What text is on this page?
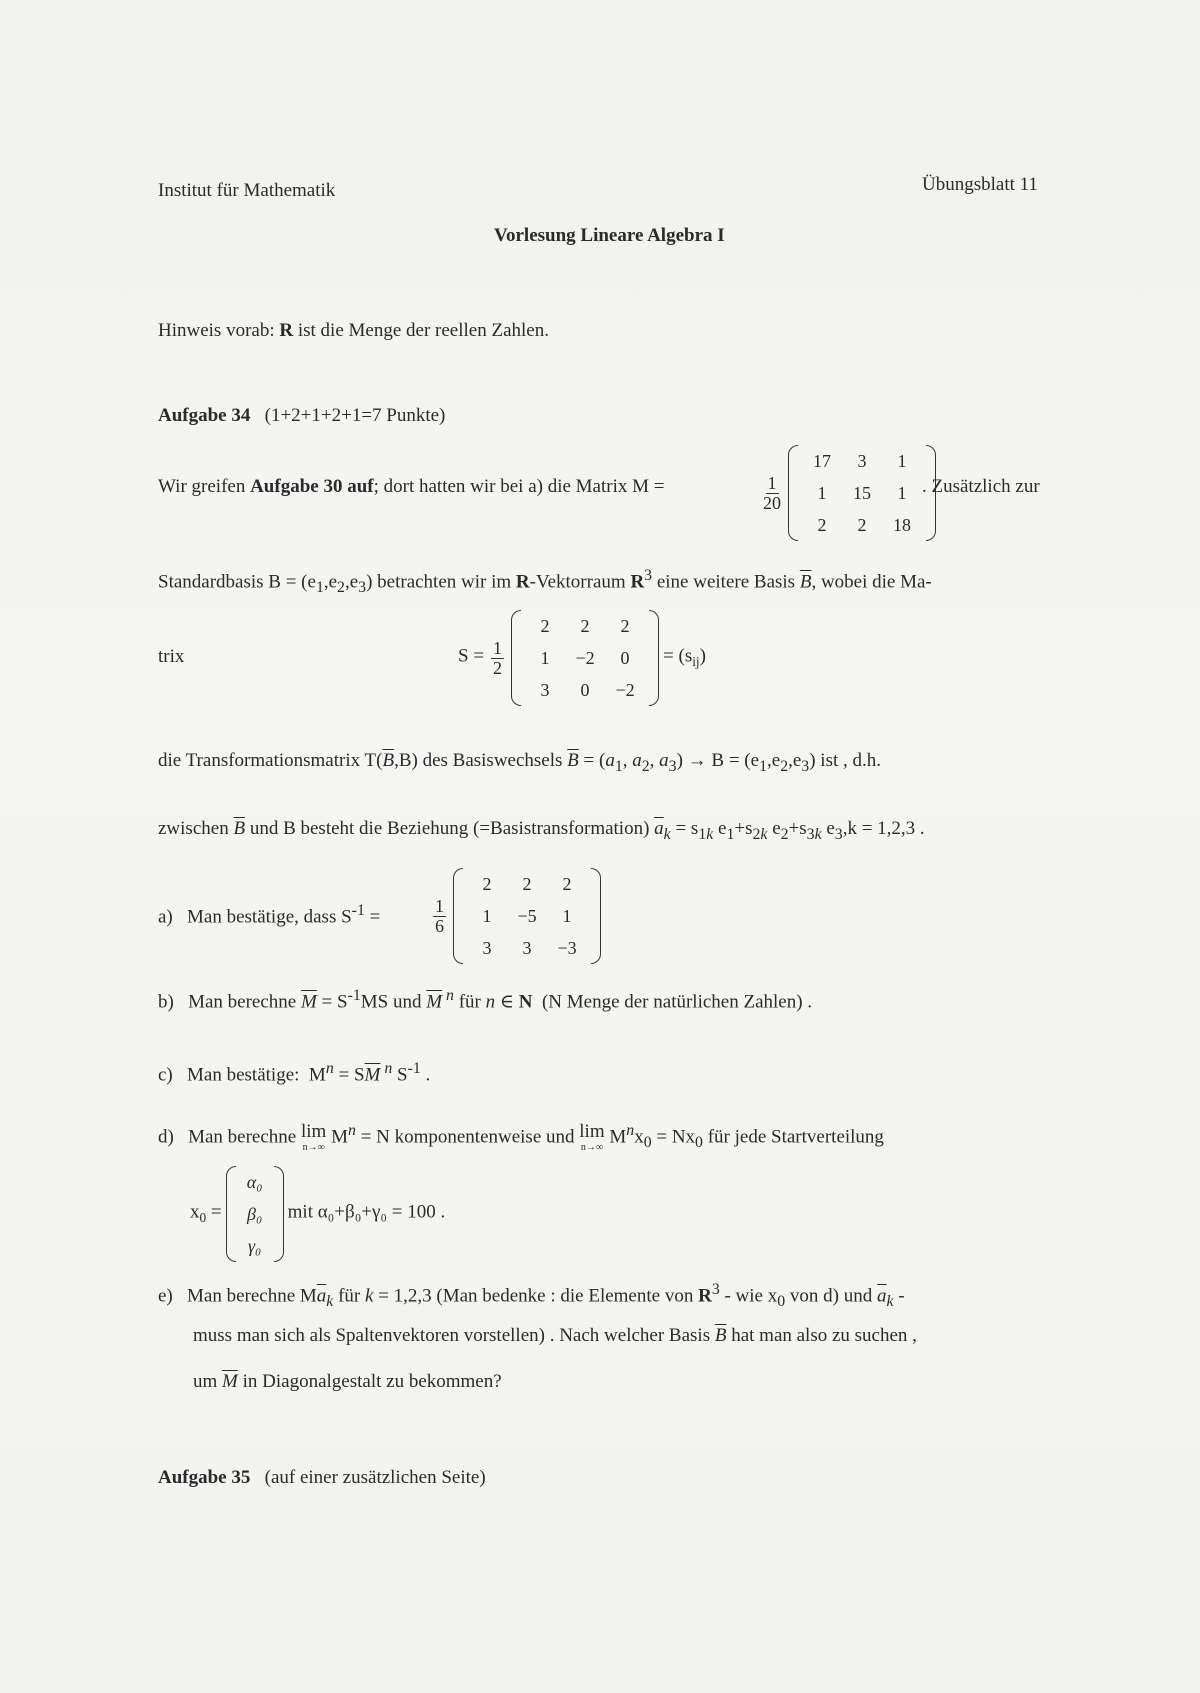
Institut für Mathematik	Übungsblatt 11
Vorlesung Lineare Algebra I
Hinweis vorab: R ist die Menge der reellen Zahlen.
Aufgabe 34 (1+2+1+2+1=7 Punkte)
Wir greifen Aufgabe 30 auf; dort hatten wir bei a) die Matrix M =	$\frac{1}{20}$

17	3	1
1	15	1
2	2	18
. Zusätzlich zur
Standardbasis $B = (e_1,e_2,e_3)$ betrachten wir im R-Vektorraum $R^3$ eine weitere Basis $\overline{B}$, wobei die Ma-
trix	$S = \frac{1}{2}$

2	2	2
1	−2	0
3	0	−2
= $(s_{ij})$
die Transformationsmatrix $T(\overline{B},B)$ des Basiswechsels $\overline{B} = (a_1$, $a_2$, $a_3) \to B = (e_1,e_2,e_3)$ ist , d.h.
zwischen $\overline{B}$ und B besteht die Beziehung (=Basistransformation) $\overline{a}_k = s_{1k}$ $e_1+s_{2k}$ $e_2+s_{3k}$ $e_3,k = 1,2,3$ .
a) Man bestätige, dass $S^{-1}$ =	$\frac{1}{6}$

2	2	2
1	−5	1
3	3	−3
b) Man berechne $\overline{M} = S^{-1}MS$ und $\overline{M}$ $^n$ für n ∈ N (N Menge der natürlichen Zahlen) .
c) Man bestätige:  $M^n = S\overline{M}$ $^n$ $S^{-1}$ .
d) Man berechne lim
n→∞
$M^n = N$ komponentenweise und lim
n→∞
$M^nx_0 = Nx_0$ für jede Startverteilung
$x_0$ =
α₀
β₀
γ₀
mit α₀+β₀+γ₀ = 100 .
e) Man berechne $M\overline{a}_k$ für k = 1,2,3 (Man bedenke : die Elemente von $R^3$ - wie $x_0$ von d) und $\overline{a}_k$ -
muss man sich als Spaltenvektoren vorstellen) . Nach welcher Basis $\overline{B}$ hat man also zu suchen ,
um $\overline{M}$ in Diagonalgestalt zu bekommen?
Aufgabe 35 (auf einer zusätzlichen Seite)
